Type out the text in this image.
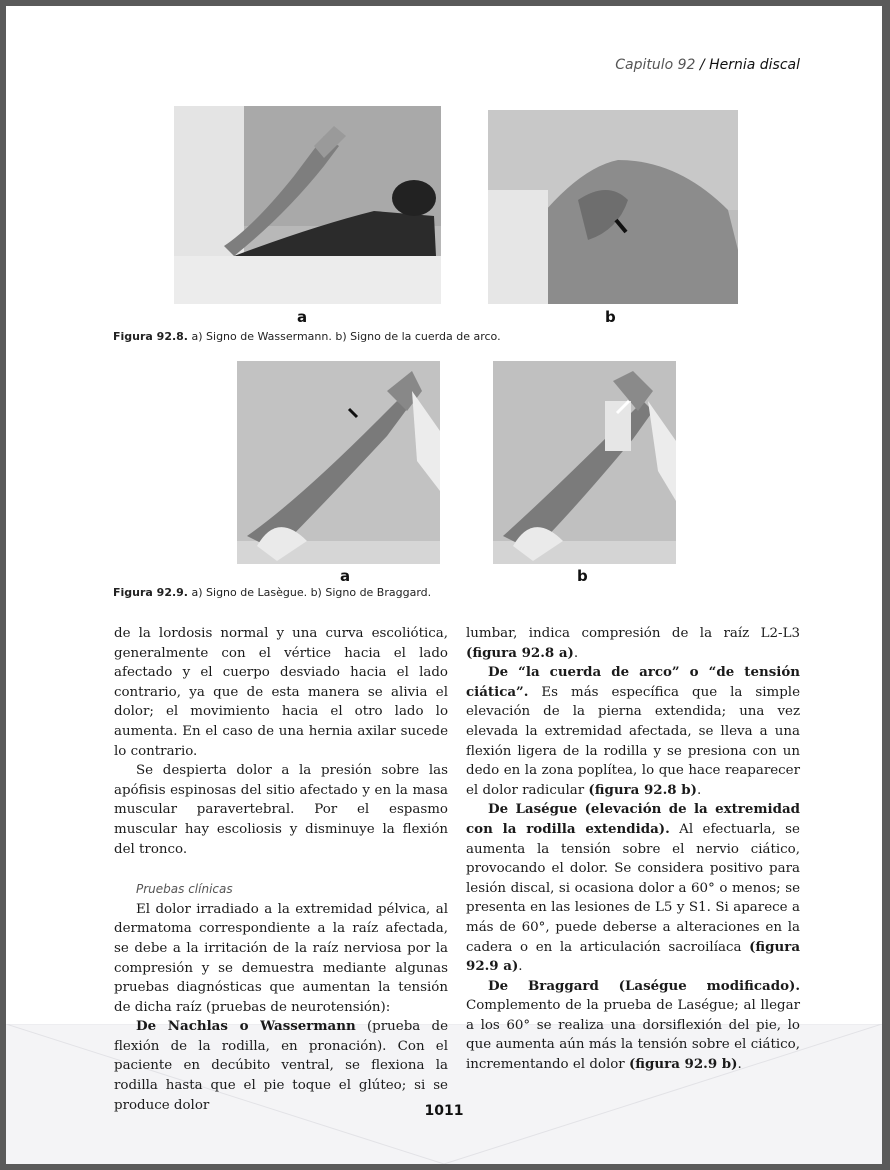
Capitulo 92 / Hernia discal
a	b
Figura 92.8. a) Signo de Wassermann. b) Signo de la cuerda de arco.
a	b
Figura 92.9. a) Signo de Lasègue. b) Signo de Braggard.

de la lordosis normal y una curva escoliótica, generalmente con el vértice hacia el lado afectado y el cuerpo desviado hacia el lado contrario, ya que de esta manera se alivia el dolor; el movimiento hacia el otro lado lo aumenta. En el caso de una hernia axilar sucede lo contrario.

Se despierta dolor a la presión sobre las apófisis espinosas del sitio afectado y en la masa muscular paravertebral. Por el espasmo muscular hay escoliosis y disminuye la flexión del tronco.

Pruebas clínicas

El dolor irradiado a la extremidad pélvica, al dermatoma correspondiente a la raíz afectada, se debe a la irritación de la raíz nerviosa por la compresión y se demuestra mediante algunas pruebas diagnósticas que aumentan la tensión de dicha raíz (pruebas de neurotensión):

De Nachlas o Wassermann (prueba de flexión de la rodilla, en pronación). Con el paciente en decúbito ventral, se flexiona la rodilla hasta que el pie toque el glúteo; si se produce dolor

lumbar, indica compresión de la raíz L2-L3 (figura 92.8 a).

De “la cuerda de arco” o “de tensión ciática”. Es más específica que la simple elevación de la pierna extendida; una vez elevada la extremidad afectada, se lleva a una flexión ligera de la rodilla y se presiona con un dedo en la zona poplítea, lo que hace reaparecer el dolor radicular (figura 92.8 b).

De Laségue (elevación de la extremidad con la rodilla extendida). Al efectuarla, se aumenta la tensión sobre el nervio ciático, provocando el dolor. Se considera positivo para lesión discal, si ocasiona dolor a 60° o menos; se presenta en las lesiones de L5 y S1. Si aparece a más de 60°, puede deberse a alteraciones en la cadera o en la articulación sacroilíaca (figura 92.9 a).

De Braggard (Laségue modificado). Complemento de la prueba de Laségue; al llegar a los 60° se realiza una dorsiflexión del pie, lo que aumenta aún más la tensión sobre el ciático, incrementando el dolor (figura 92.9 b).

1011
